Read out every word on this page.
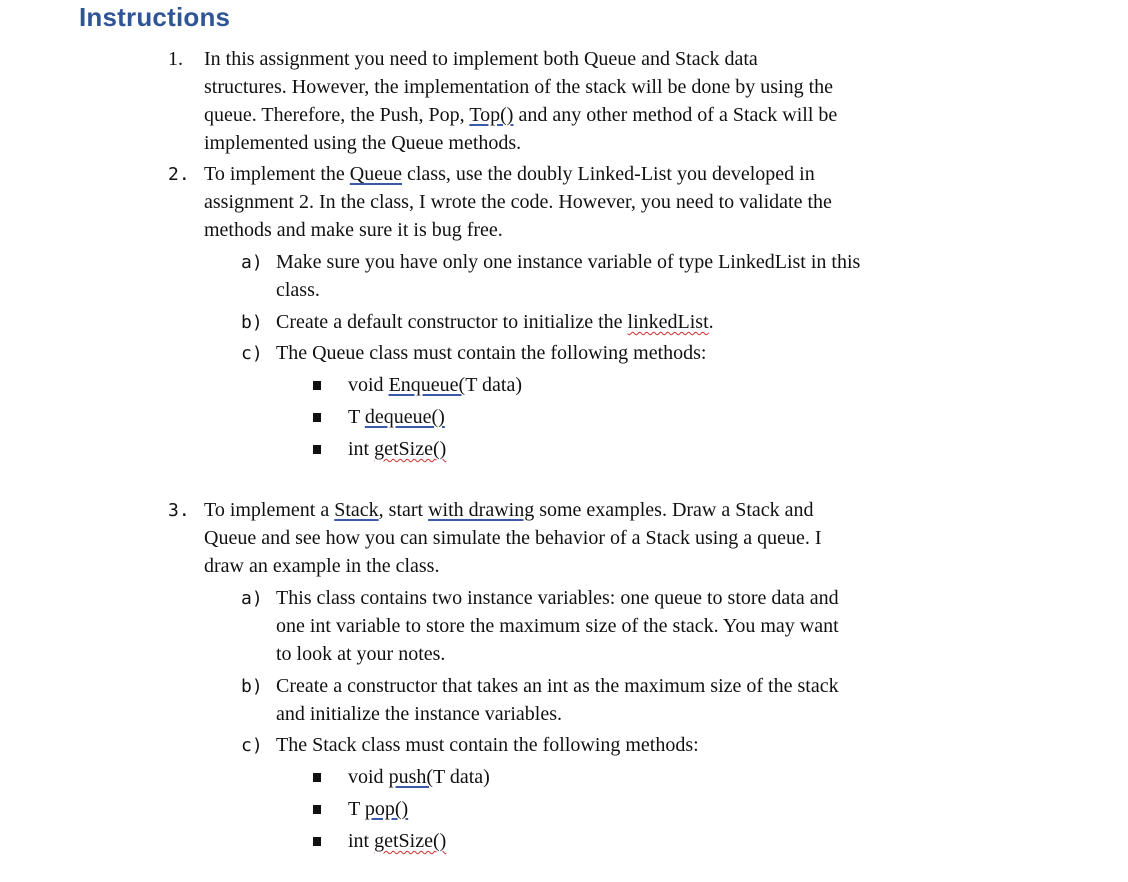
Instructions
1. In this assignment you need to implement both Queue and Stack data
structures. However, the implementation of the stack will be done by using the
queue. Therefore, the Push, Pop, Top() and any other method of a Stack will be
implemented using the Queue methods.
2. To implement the Queue class, use the doubly Linked-List you developed in
assignment 2. In the class, I wrote the code. However, you need to validate the
methods and make sure it is bug free.
a) Make sure you have only one instance variable of type LinkedList in this
class.
b) Create a default constructor to initialize the linkedList.
c) The Queue class must contain the following methods:
void Enqueue(T data)
T dequeue()
int getSize()
3. To implement a Stack, start with drawing some examples. Draw a Stack and
Queue and see how you can simulate the behavior of a Stack using a queue. I
draw an example in the class.
a) This class contains two instance variables: one queue to store data and
one int variable to store the maximum size of the stack. You may want
to look at your notes.
b) Create a constructor that takes an int as the maximum size of the stack
and initialize the instance variables.
c) The Stack class must contain the following methods:
void push(T data)
T pop()
int getSize()
